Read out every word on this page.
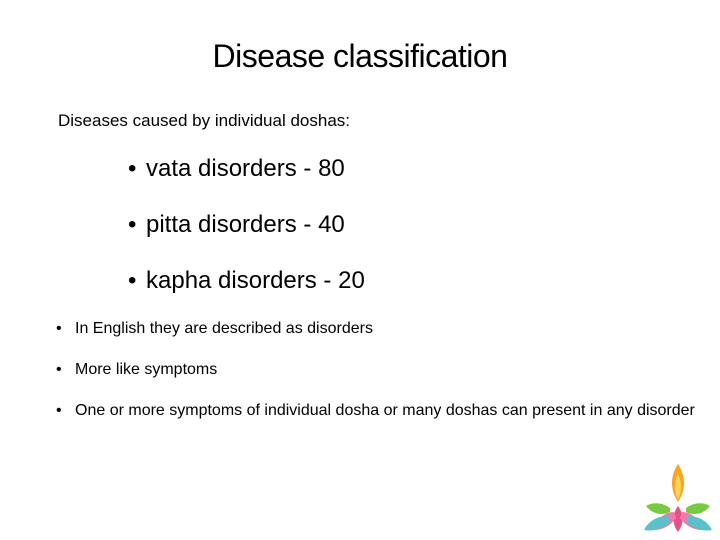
Disease classification
Diseases caused by individual doshas:
• vata disorders - 80
• pitta disorders - 40
• kapha disorders - 20
• In English they are described as disorders
• More like symptoms
• One or more symptoms of individual dosha or many doshas can present in any disorder
